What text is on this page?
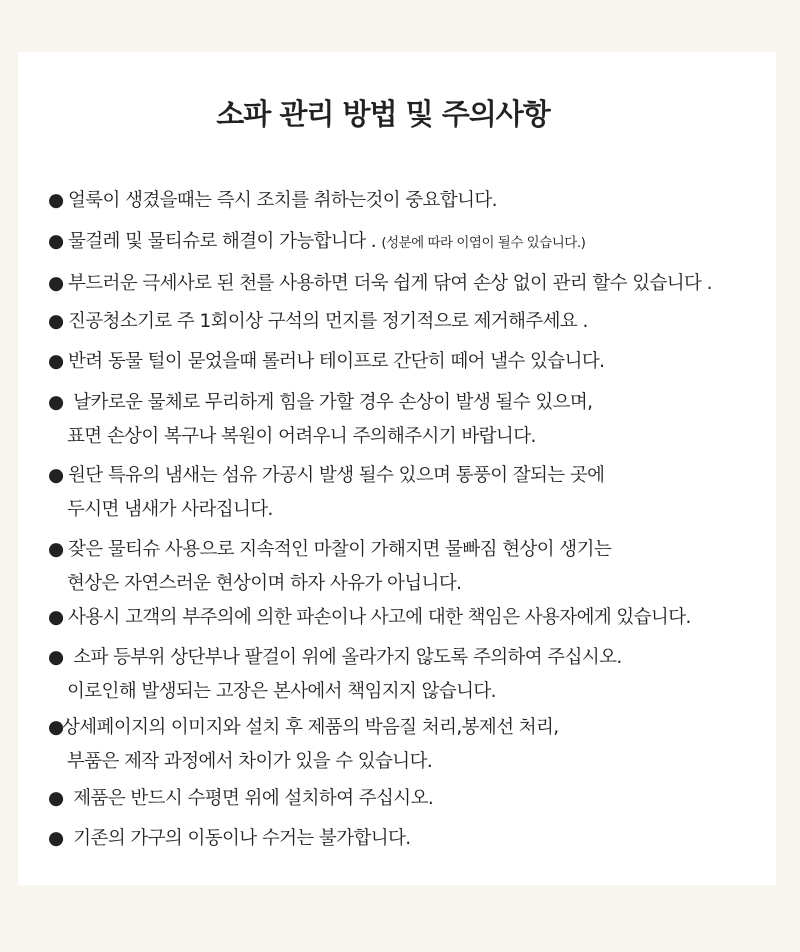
소파 관리 방법 및 주의사항
● 얼룩이 생겼을때는 즉시 조치를 취하는것이 중요합니다.
● 물걸레 및 물티슈로 해결이 가능합니다 . (성분에 따라 이염이 될수 있습니다.)
● 부드러운 극세사로 된 천를 사용하면 더욱 쉽게 닦여 손상 없이 관리 할수 있습니다 .
● 진공청소기로 주 1회이상 구석의 먼지를 정기적으로 제거해주세요 .
● 반려 동물 털이 묻었을때 롤러나 테이프로 간단히 떼어 낼수 있습니다.
● 날카로운 물체로 무리하게 힘을 가할 경우 손상이 발생 될수 있으며,
표면 손상이 복구나 복원이 어려우니 주의해주시기 바랍니다.
● 원단 특유의 냄새는 섬유 가공시 발생 될수 있으며 통풍이 잘되는 곳에
두시면 냄새가 사라집니다.
● 잦은 물티슈 사용으로 지속적인 마찰이 가해지면 물빠짐 현상이 생기는
현상은 자연스러운 현상이며 하자 사유가 아닙니다.
● 사용시 고객의 부주의에 의한 파손이나 사고에 대한 책임은 사용자에게 있습니다.
● 소파 등부위 상단부나 팔걸이 위에 올라가지 않도록 주의하여 주십시오.
이로인해 발생되는 고장은 본사에서 책임지지 않습니다.
●상세페이지의 이미지와 설치 후 제품의 박음질 처리,봉제선 처리,
부품은 제작 과정에서 차이가 있을 수 있습니다.
● 제품은 반드시 수평면 위에 설치하여 주십시오.
● 기존의 가구의 이동이나 수거는 불가합니다.
